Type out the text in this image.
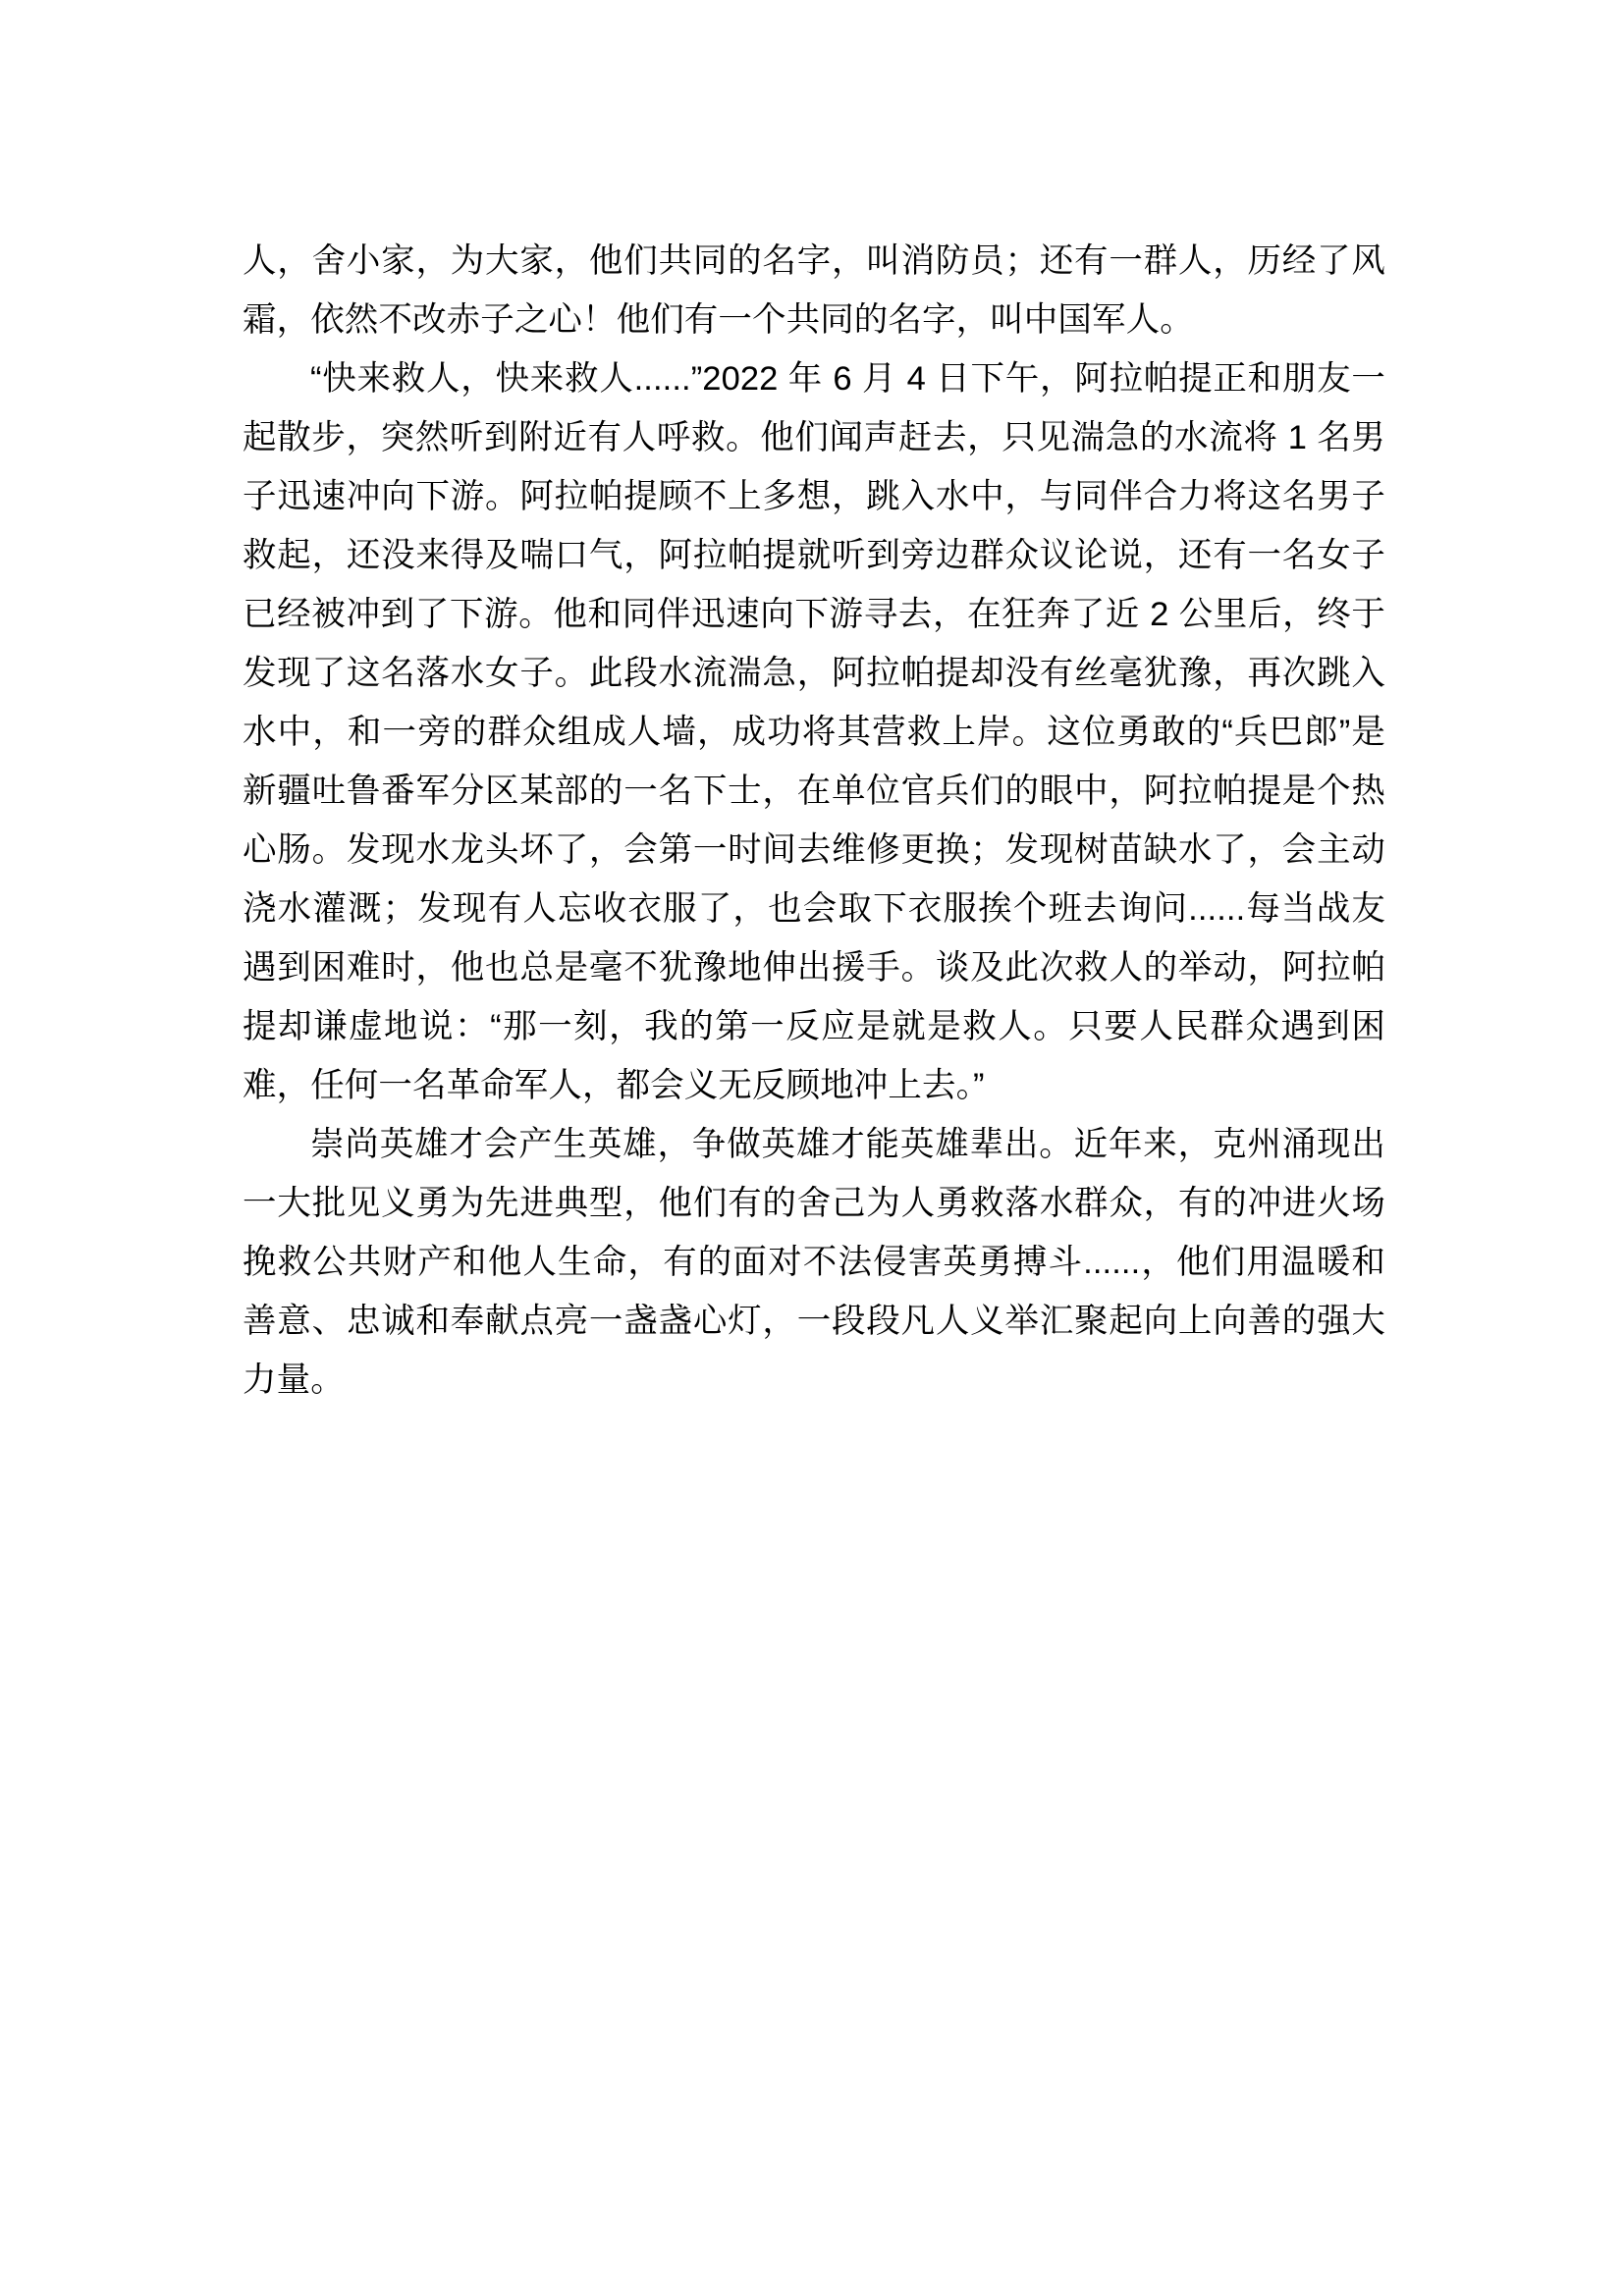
人，舍小家，为大家，他们共同的名字，叫消防员；还有一群人，历经了风霜，依然不改赤子之心！他们有一个共同的名字，叫中国军人。

“快来救人，快来救人......”2022 年 6 月 4 日下午，阿拉帕提正和朋友一起散步，突然听到附近有人呼救。他们闻声赶去，只见湍急的水流将 1 名男子迅速冲向下游。阿拉帕提顾不上多想，跳入水中，与同伴合力将这名男子救起，还没来得及喘口气，阿拉帕提就听到旁边群众议论说，还有一名女子已经被冲到了下游。他和同伴迅速向下游寻去，在狂奔了近 2 公里后，终于发现了这名落水女子。此段水流湍急，阿拉帕提却没有丝毫犹豫，再次跳入水中，和一旁的群众组成人墙，成功将其营救上岸。这位勇敢的“兵巴郎”是新疆吐鲁番军分区某部的一名下士，在单位官兵们的眼中，阿拉帕提是个热心肠。发现水龙头坏了，会第一时间去维修更换；发现树苗缺水了，会主动浇水灌溉；发现有人忘收衣服了，也会取下衣服挨个班去询问......每当战友遇到困难时，他也总是毫不犹豫地伸出援手。谈及此次救人的举动，阿拉帕提却谦虚地说：“那一刻，我的第一反应是就是救人。只要人民群众遇到困难，任何一名革命军人，都会义无反顾地冲上去。”

崇尚英雄才会产生英雄，争做英雄才能英雄辈出。近年来，克州涌现出一大批见义勇为先进典型，他们有的舍己为人勇救落水群众，有的冲进火场挽救公共财产和他人生命，有的面对不法侵害英勇搏斗......，他们用温暖和善意、忠诚和奉献点亮一盏盏心灯，一段段凡人义举汇聚起向上向善的强大力量。
